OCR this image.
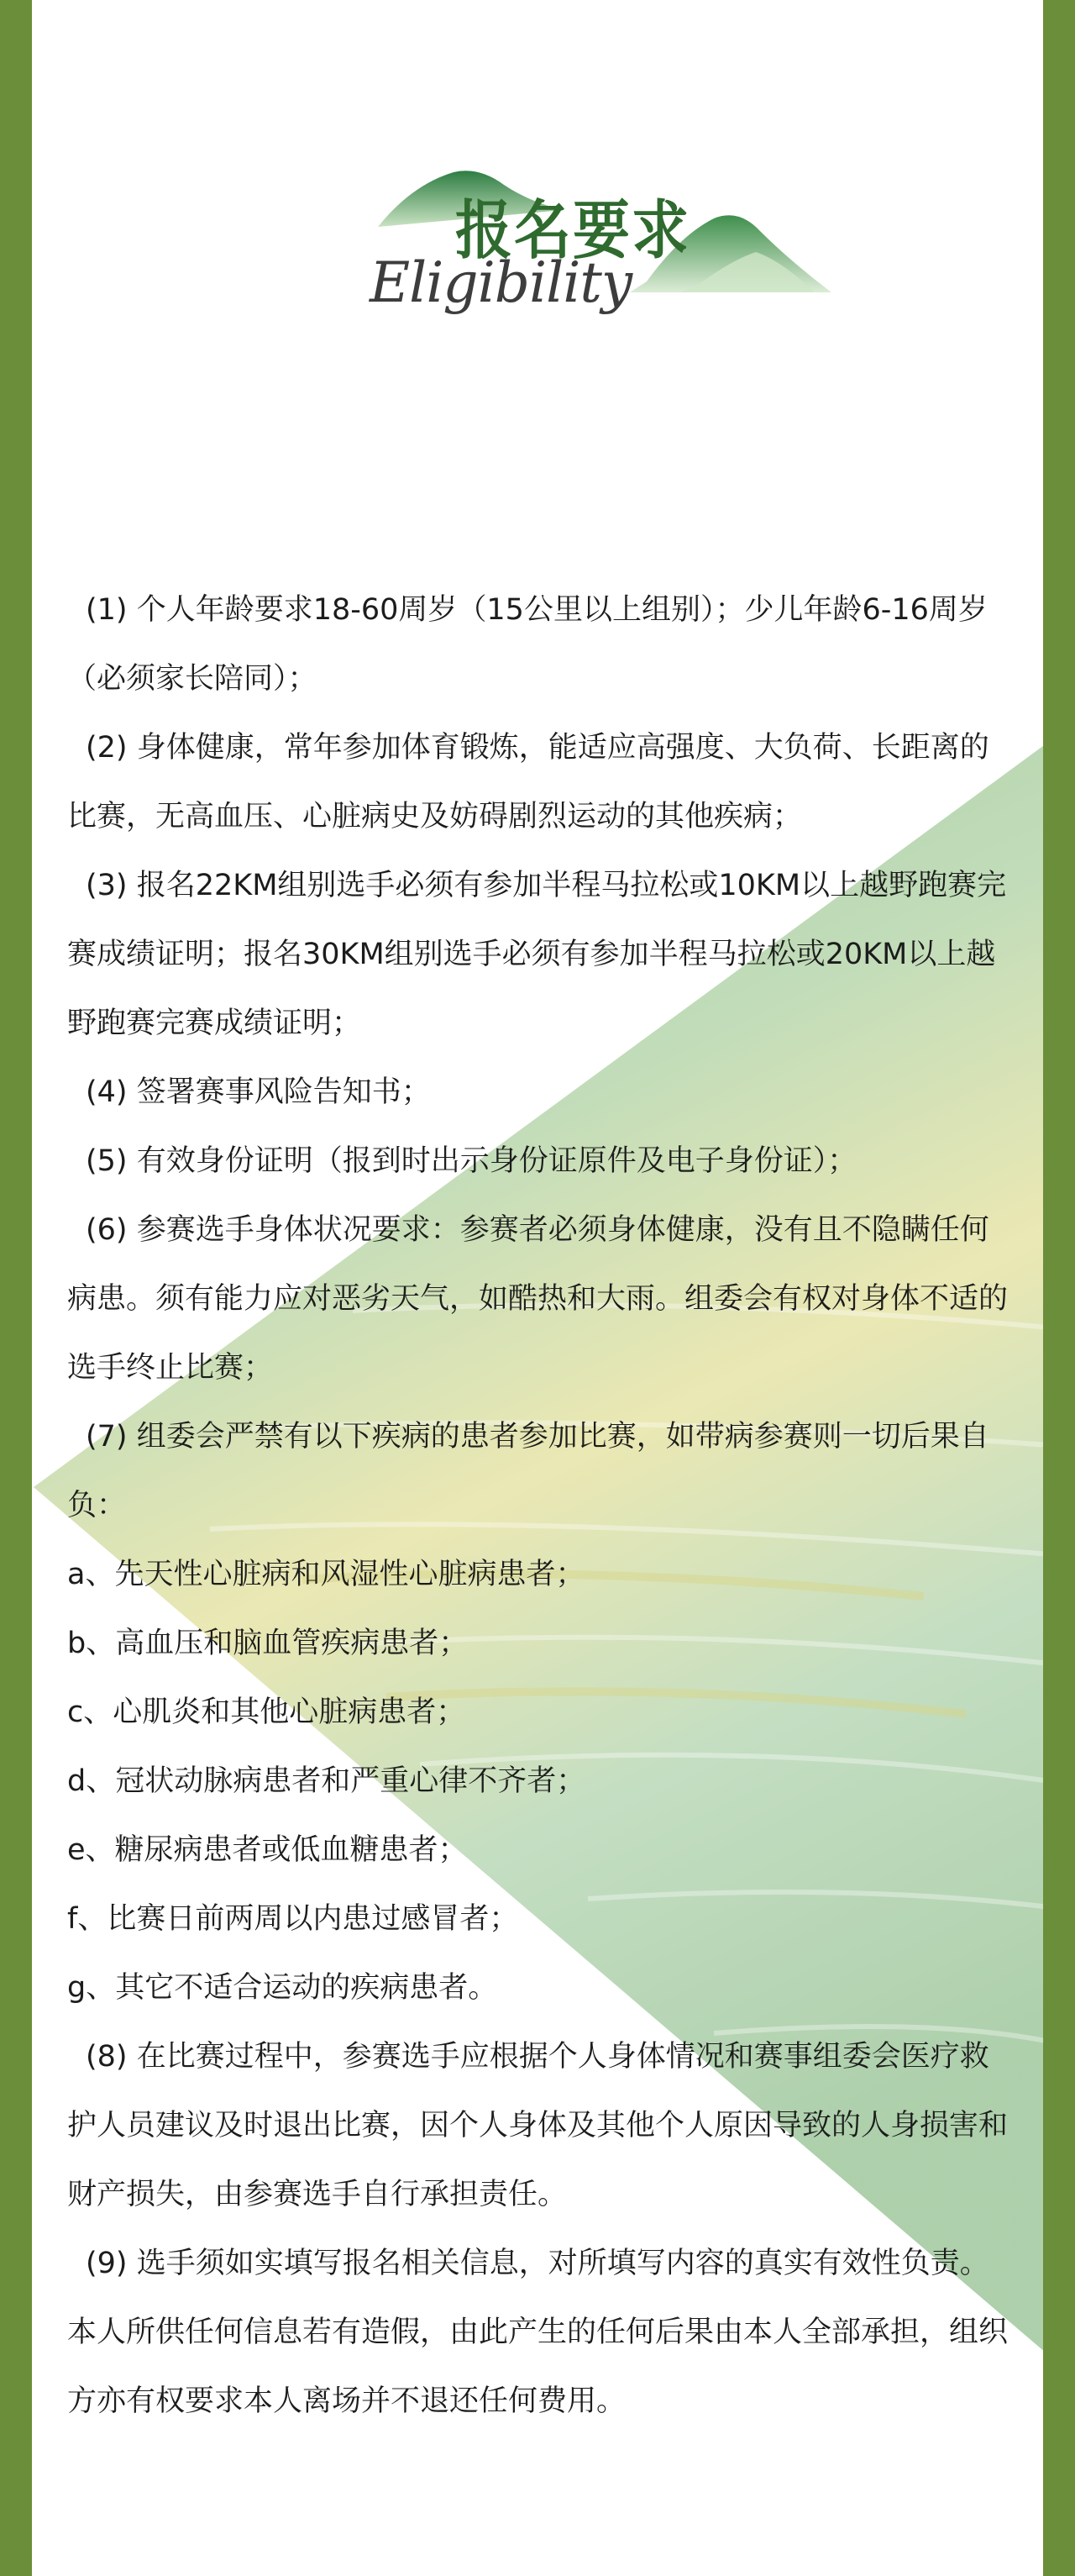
报名要求
Eligibility

(1) 个人年龄要求18-60周岁（15公里以上组别）；少儿年龄6-16周岁（必须家长陪同）；

(2) 身体健康，常年参加体育锻炼，能适应高强度、大负荷、长距离的比赛，无高血压、心脏病史及妨碍剧烈运动的其他疾病；

(3) 报名22KM组别选手必须有参加半程马拉松或10KM以上越野跑赛完赛成绩证明；报名30KM组别选手必须有参加半程马拉松或20KM以上越野跑赛完赛成绩证明；

(4) 签署赛事风险告知书；

(5) 有效身份证明（报到时出示身份证原件及电子身份证）；

(6) 参赛选手身体状况要求：参赛者必须身体健康，没有且不隐瞒任何病患。须有能力应对恶劣天气，如酷热和大雨。组委会有权对身体不适的选手终止比赛；

(7) 组委会严禁有以下疾病的患者参加比赛，如带病参赛则一切后果自负：

a、先天性心脏病和风湿性心脏病患者；

b、高血压和脑血管疾病患者；

c、心肌炎和其他心脏病患者；

d、冠状动脉病患者和严重心律不齐者；

e、糖尿病患者或低血糖患者；

f、比赛日前两周以内患过感冒者；

g、其它不适合运动的疾病患者。

(8) 在比赛过程中，参赛选手应根据个人身体情况和赛事组委会医疗救护人员建议及时退出比赛，因个人身体及其他个人原因导致的人身损害和财产损失，由参赛选手自行承担责任。

(9) 选手须如实填写报名相关信息，对所填写内容的真实有效性负责。本人所供任何信息若有造假，由此产生的任何后果由本人全部承担，组织方亦有权要求本人离场并不退还任何费用。
